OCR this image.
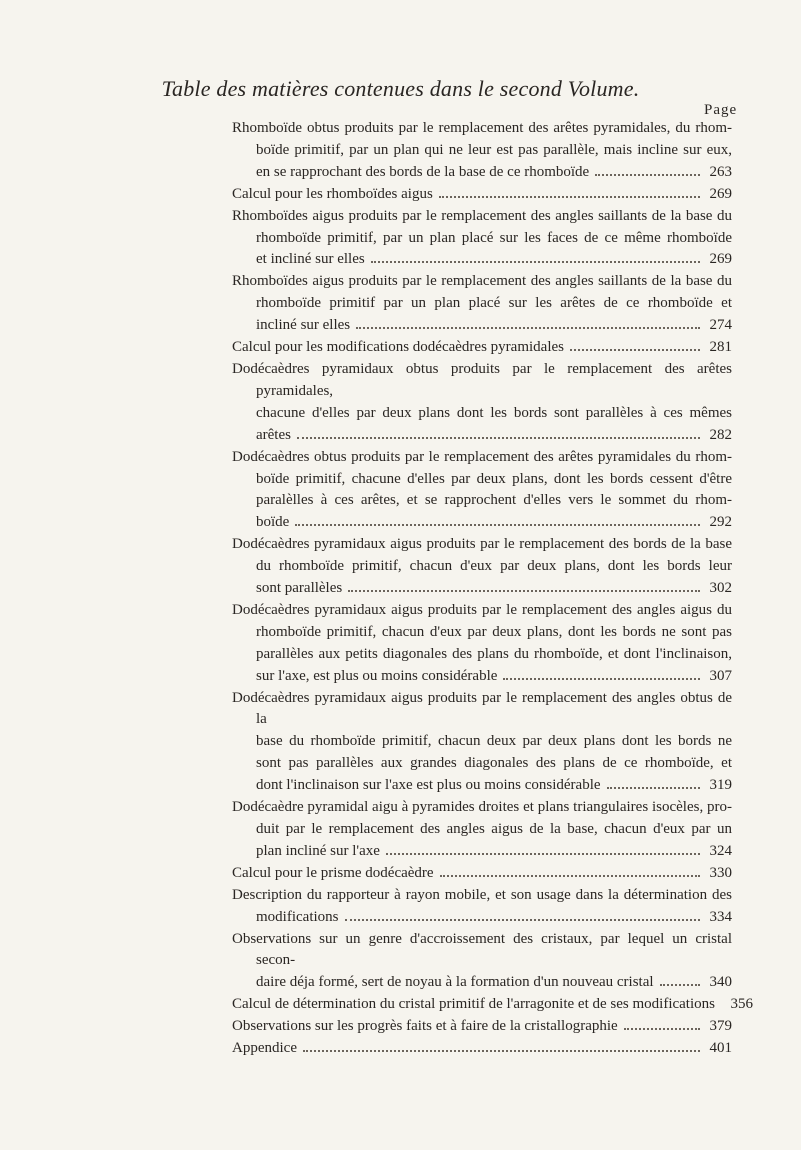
Table des matières contenues dans le second Volume.
Page
Rhomboïde obtus produits par le remplacement des arêtes pyramidales, du rhom-
boïde primitif, par un plan qui ne leur est pas parallèle, mais incline sur eux,
en se rapprochant des bords de la base de ce rhomboïde	263
Calcul pour les rhomboïdes aigus	269
Rhomboïdes aigus produits par le remplacement des angles saillants de la base du
rhomboïde primitif, par un plan placé sur les faces de ce même rhomboïde
et incliné sur elles	269
Rhomboïdes aigus produits par le remplacement des angles saillants de la base du
rhomboïde primitif par un plan placé sur les arêtes de ce rhomboïde et
incliné sur elles	274
Calcul pour les modifications dodécaèdres pyramidales	281
Dodécaèdres pyramidaux obtus produits par le remplacement des arêtes pyramidales,
chacune d'elles par deux plans dont les bords sont parallèles à ces mêmes
arêtes	282
Dodécaèdres obtus produits par le remplacement des arêtes pyramidales du rhom-
boïde primitif, chacune d'elles par deux plans, dont les bords cessent d'être
paralèlles à ces arêtes, et se rapprochent d'elles vers le sommet du rhom-
boïde	292
Dodécaèdres pyramidaux aigus produits par le remplacement des bords de la base
du rhomboïde primitif, chacun d'eux par deux plans, dont les bords leur
sont parallèles	302
Dodécaèdres pyramidaux aigus produits par le remplacement des angles aigus du
rhomboïde primitif, chacun d'eux par deux plans, dont les bords ne sont pas
parallèles aux petits diagonales des plans du rhomboïde, et dont l'inclinaison,
sur l'axe, est plus ou moins considérable	307
Dodécaèdres pyramidaux aigus produits par le remplacement des angles obtus de la
base du rhomboïde primitif, chacun deux par deux plans dont les bords ne
sont pas parallèles aux grandes diagonales des plans de ce rhomboïde, et
dont l'inclinaison sur l'axe est plus ou moins considérable	319
Dodécaèdre pyramidal aigu à pyramides droites et plans triangulaires isocèles, pro-
duit par le remplacement des angles aigus de la base, chacun d'eux par un
plan incliné sur l'axe	324
Calcul pour le prisme dodécaèdre	330
Description du rapporteur à rayon mobile, et son usage dans la détermination des
modifications	334
Observations sur un genre d'accroissement des cristaux, par lequel un cristal secon-
daire déja formé, sert de noyau à la formation d'un nouveau cristal	340
Calcul de détermination du cristal primitif de l'arragonite et de ses modifications 356
Observations sur les progrès faits et à faire de la cristallographie	379
Appendice	401
